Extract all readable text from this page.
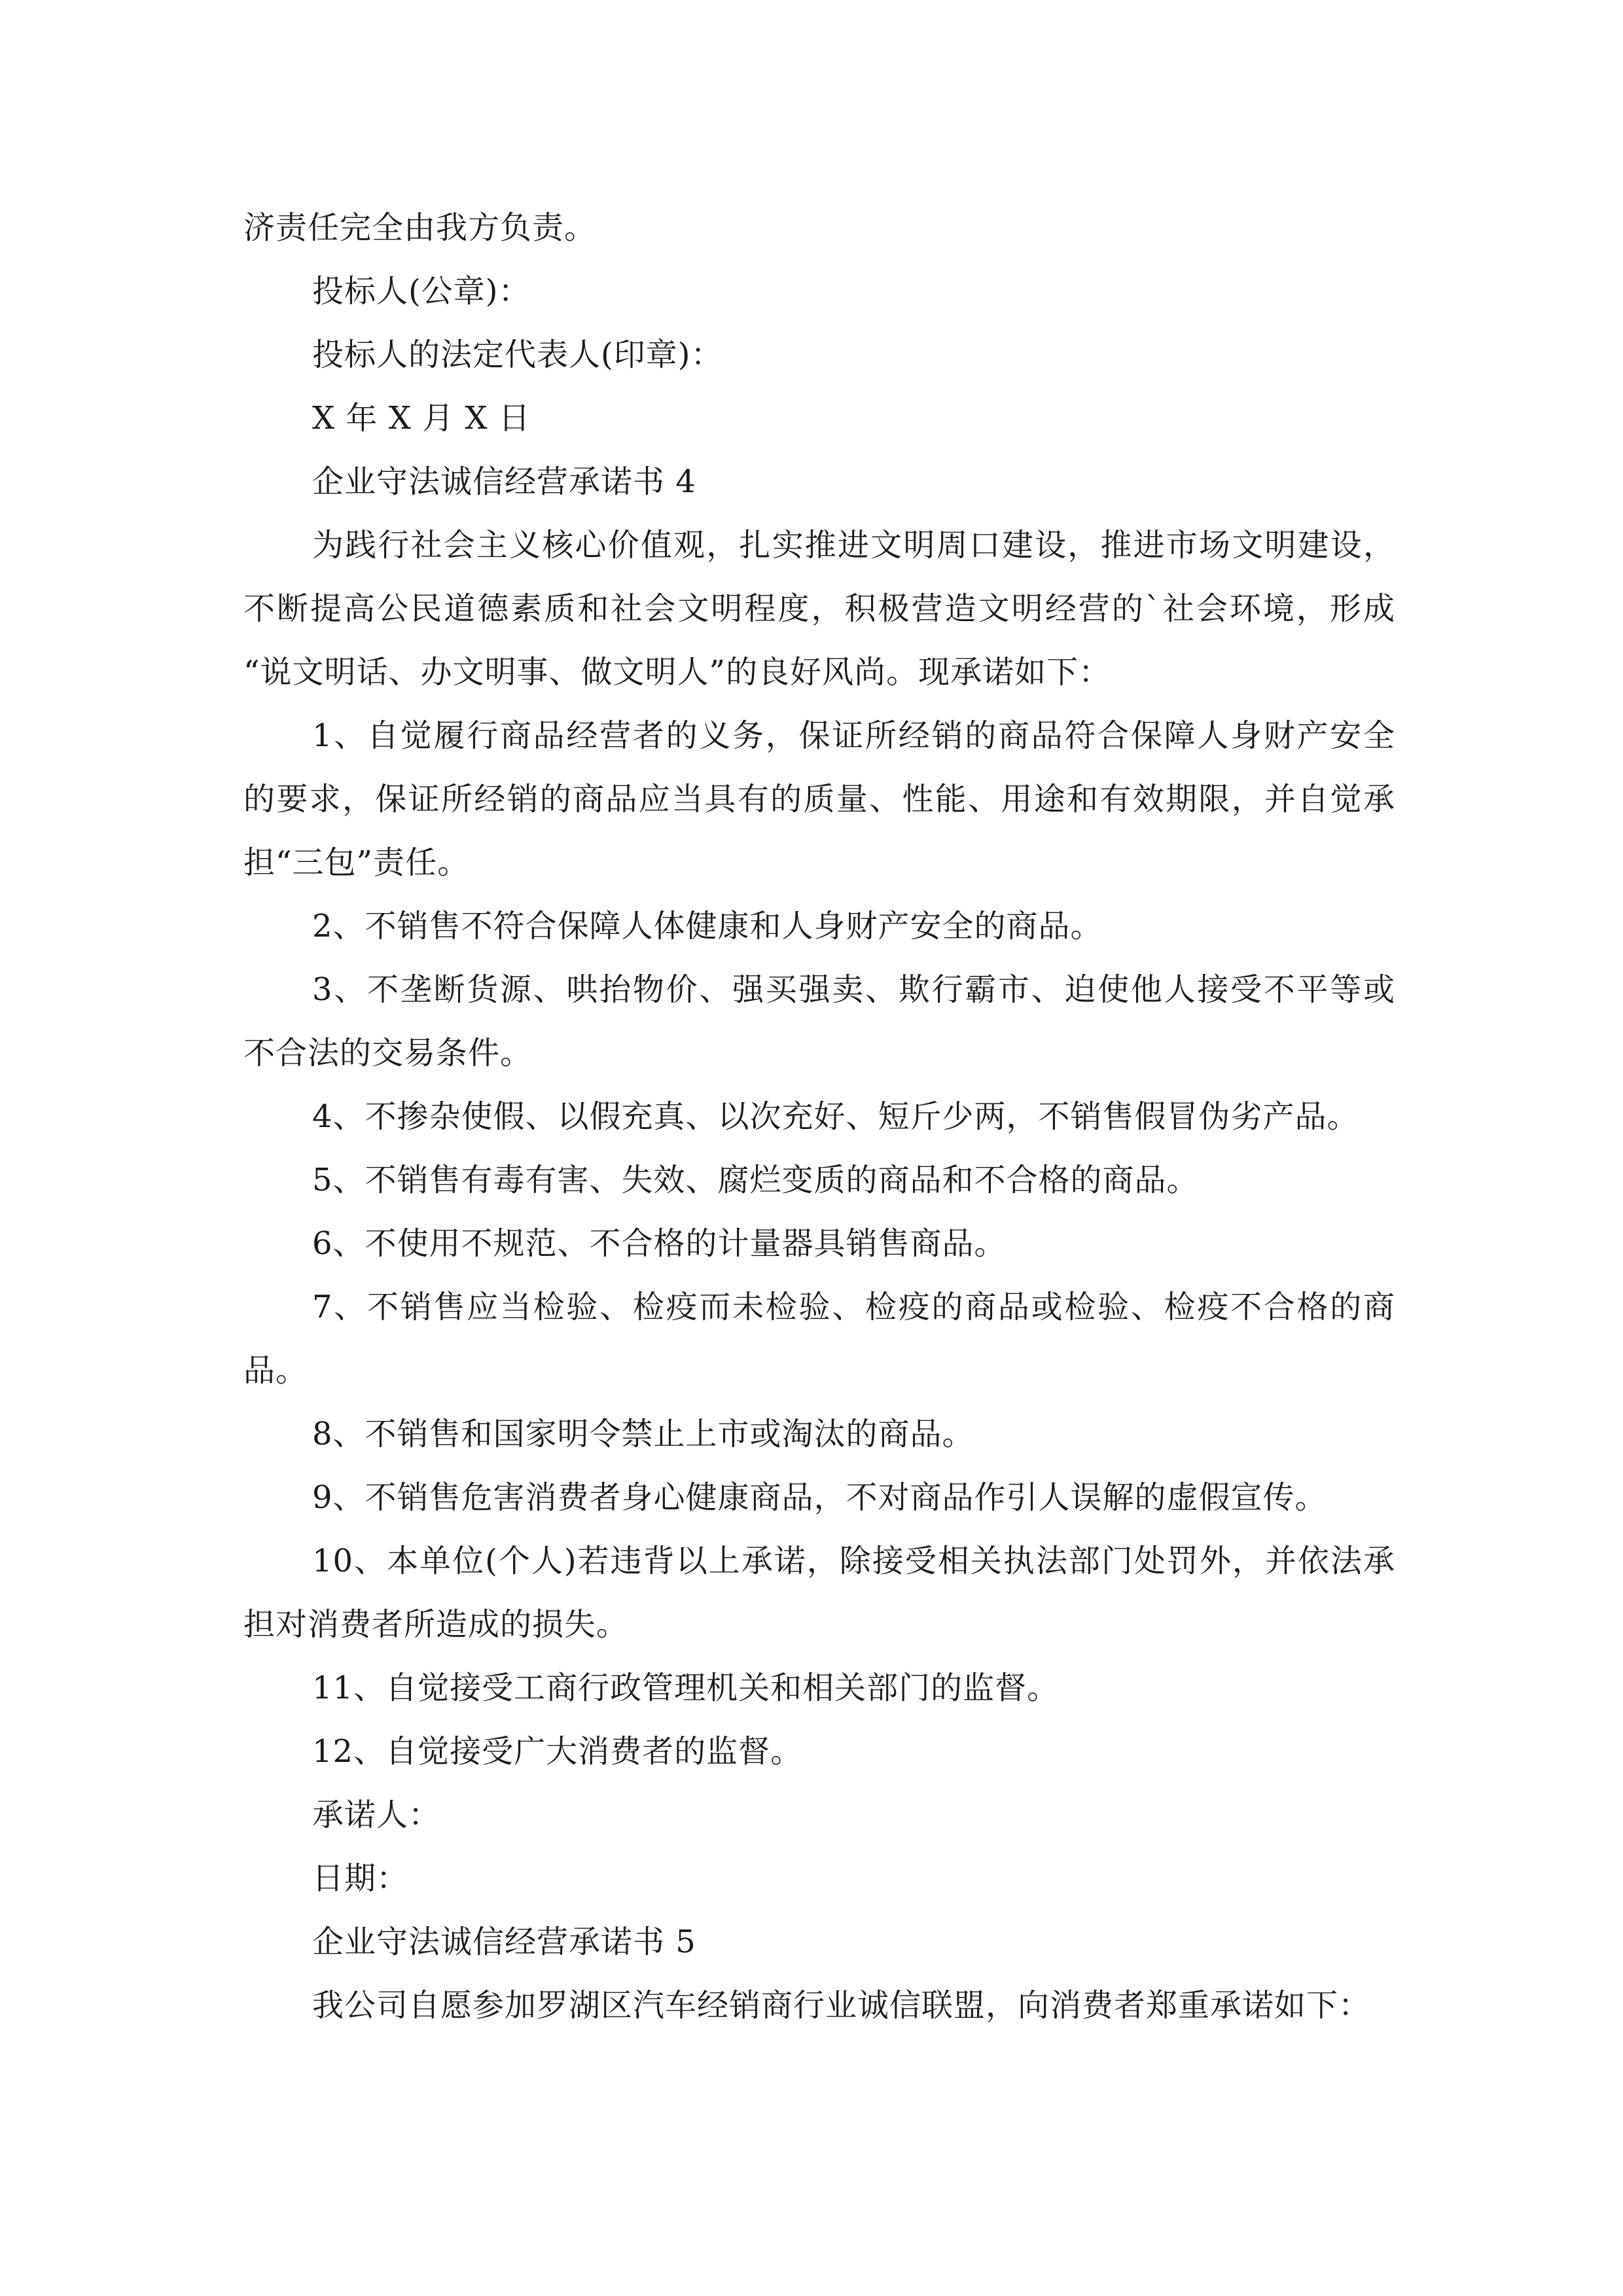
济责任完全由我方负责。
投标人(公章)：
投标人的法定代表人(印章)：
X 年 X 月 X 日
企业守法诚信经营承诺书 4
为践行社会主义核心价值观，扎实推进文明周口建设，推进市场文明建设，
不断提高公民道德素质和社会文明程度，积极营造文明经营的`社会环境，形成
“说文明话、办文明事、做文明人”的良好风尚。现承诺如下：
1、自觉履行商品经营者的义务，保证所经销的商品符合保障人身财产安全
的要求，保证所经销的商品应当具有的质量、性能、用途和有效期限，并自觉承
担“三包”责任。
2、不销售不符合保障人体健康和人身财产安全的商品。
3、不垄断货源、哄抬物价、强买强卖、欺行霸市、迫使他人接受不平等或
不合法的交易条件。
4、不掺杂使假、以假充真、以次充好、短斤少两，不销售假冒伪劣产品。
5、不销售有毒有害、失效、腐烂变质的商品和不合格的商品。
6、不使用不规范、不合格的计量器具销售商品。
7、不销售应当检验、检疫而未检验、检疫的商品或检验、检疫不合格的商
品。
8、不销售和国家明令禁止上市或淘汰的商品。
9、不销售危害消费者身心健康商品，不对商品作引人误解的虚假宣传。
10、本单位(个人)若违背以上承诺，除接受相关执法部门处罚外，并依法承
担对消费者所造成的损失。
11、自觉接受工商行政管理机关和相关部门的监督。
12、自觉接受广大消费者的监督。
承诺人：
日期：
企业守法诚信经营承诺书 5
我公司自愿参加罗湖区汽车经销商行业诚信联盟，向消费者郑重承诺如下：
